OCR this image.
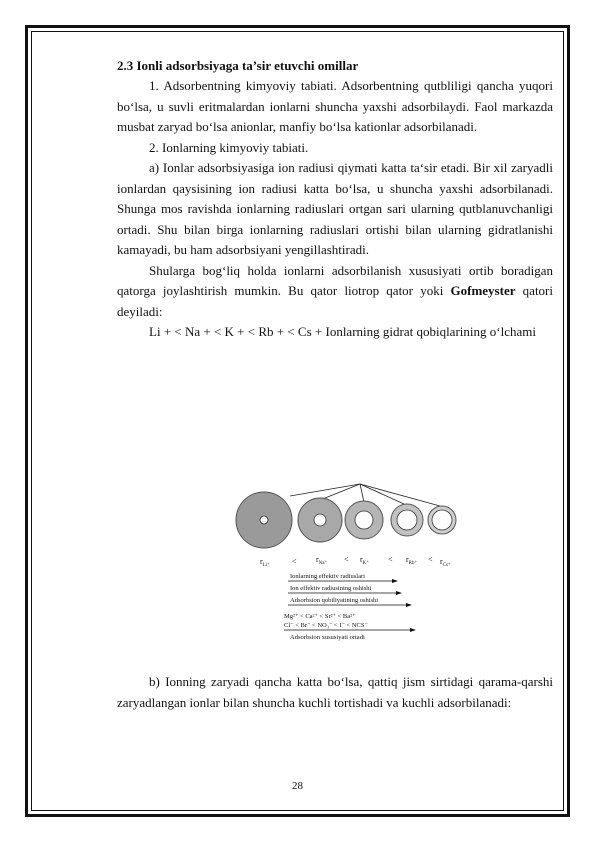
2.3 Ionli adsorbsiyaga ta’sir etuvchi omillar

1. Adsorbentning kimyoviy tabiati. Adsorbentning qutbliligi qancha yuqori bo‘lsa, u suvli eritmalardan ionlarni shuncha yaxshi adsorbilaydi. Faol markazda musbat zaryad bo‘lsa anionlar, manfiy bo‘lsa kationlar adsorbilanadi.

2. Ionlarning kimyoviy tabiati.

a) Ionlar adsorbsiyasiga ion radiusi qiymati katta ta‘sir etadi. Bir xil zaryadli ionlardan qaysisining ion radiusi katta bo‘lsa, u shuncha yaxshi adsorbilanadi. Shunga mos ravishda ionlarning radiuslari ortgan sari ularning qutblanuvchanligi ortadi. Shu bilan birga ionlarning radiuslari ortishi bilan ularning gidratlanishi kamayadi, bu ham adsorbsiyani yengillashtiradi.

Shularga bog‘liq holda ionlarni adsorbilanish xususiyati ortib boradigan qatorga joylashtirish mumkin. Bu qator liotrop qator yoki Gofmeyster qatori deyiladi:

Li + < Na + < K + < Rb + < Cs + Ionlarning gidrat qobiqlarining o‘lchami

$r_{Li^+}$	< $r_{Na^+} < r_{K^+} < r_{Rb^+} < r_{Cs^+}$
Ionlarning effektiv radiuslari
Ion effektiv radiusining oshishi
Adsorbsion qobiliyatining oshishi
Mg²⁺ < Ca²⁺ < Sr²⁺ < Ba²⁺
Cl⁻ < Br⁻ < NO₃⁻ < I⁻ < NCS⁻
Adsorbsion xususiyati ortadi

b) Ionning zaryadi qancha katta bo‘lsa, qattiq jism sirtidagi qarama-qarshi zaryadlangan ionlar bilan shuncha kuchli tortishadi va kuchli adsorbilanadi:

28
